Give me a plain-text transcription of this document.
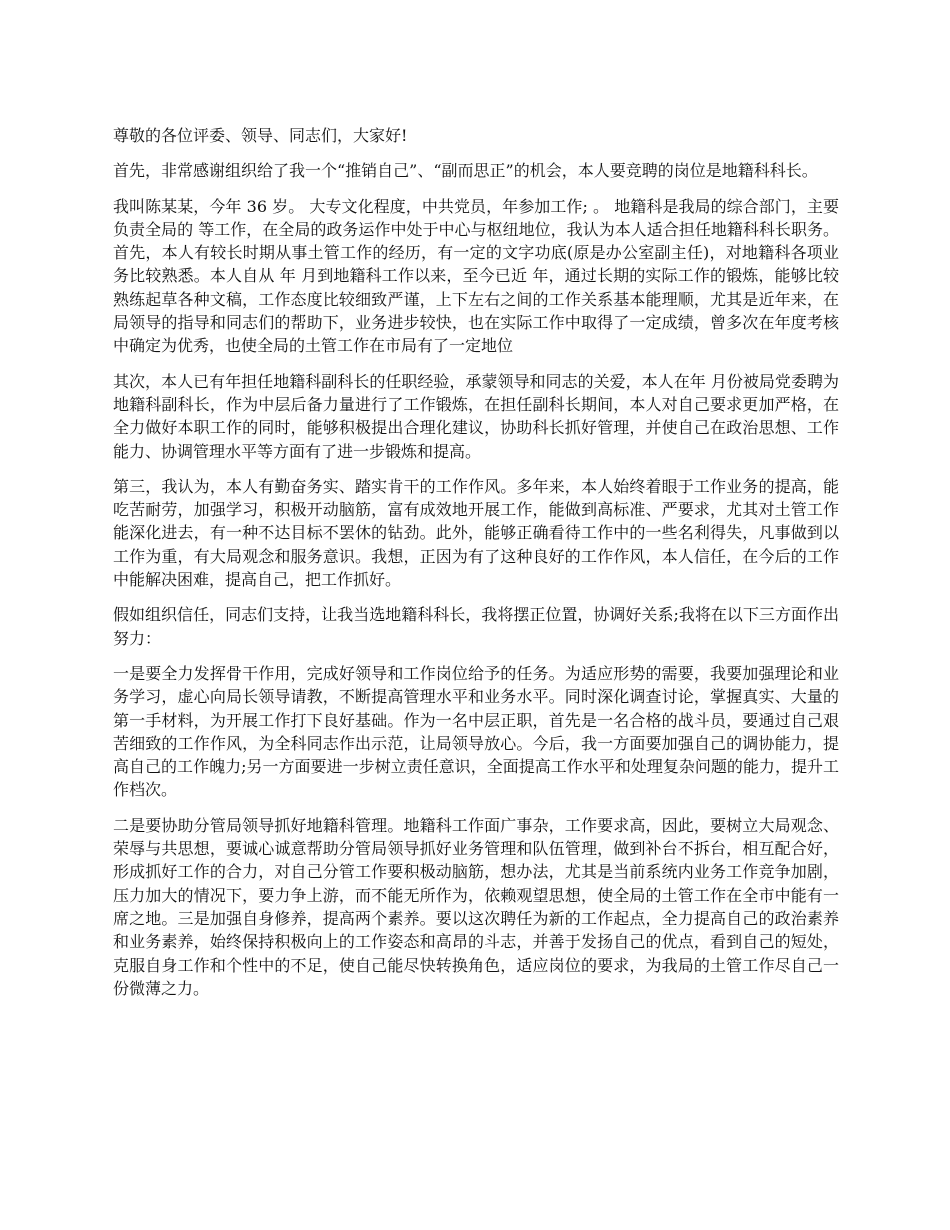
尊敬的各位评委、领导、同志们，大家好!

首先，非常感谢组织给了我一个“推销自己”、“副而思正”的机会，本人要竞聘的岗位是地籍科科长。

我叫陈某某，今年 36 岁。 大专文化程度，中共党员，年参加工作; 。 地籍科是我局的综合部门，主要负责全局的 等工作，在全局的政务运作中处于中心与枢纽地位，我认为本人适合担任地籍科科长职务。 首先，本人有较长时期从事土管工作的经历，有一定的文字功底(原是办公室副主任)，对地籍科各项业务比较熟悉。本人自从 年 月到地籍科工作以来，至今已近 年，通过长期的实际工作的锻炼，能够比较熟练起草各种文稿，工作态度比较细致严谨，上下左右之间的工作关系基本能理顺，尤其是近年来，在局领导的指导和同志们的帮助下，业务进步较快，也在实际工作中取得了一定成绩，曾多次在年度考核中确定为优秀，也使全局的土管工作在市局有了一定地位

其次，本人已有年担任地籍科副科长的任职经验，承蒙领导和同志的关爱，本人在年 月份被局党委聘为地籍科副科长，作为中层后备力量进行了工作锻炼，在担任副科长期间，本人对自己要求更加严格，在全力做好本职工作的同时，能够积极提出合理化建议，协助科长抓好管理，并使自己在政治思想、工作能力、协调管理水平等方面有了进一步锻炼和提高。

第三，我认为，本人有勤奋务实、踏实肯干的工作作风。多年来，本人始终着眼于工作业务的提高，能吃苦耐劳，加强学习，积极开动脑筋，富有成效地开展工作，能做到高标准、严要求，尤其对土管工作能深化进去，有一种不达目标不罢休的钻劲。此外，能够正确看待工作中的一些名利得失，凡事做到以工作为重，有大局观念和服务意识。我想，正因为有了这种良好的工作作风，本人信任，在今后的工作中能解决困难，提高自己，把工作抓好。

假如组织信任，同志们支持，让我当选地籍科科长，我将摆正位置，协调好关系;我将在以下三方面作出努力：

一是要全力发挥骨干作用，完成好领导和工作岗位给予的任务。为适应形势的需要，我要加强理论和业务学习，虚心向局长领导请教，不断提高管理水平和业务水平。同时深化调查讨论，掌握真实、大量的第一手材料，为开展工作打下良好基础。作为一名中层正职，首先是一名合格的战斗员，要通过自己艰苦细致的工作作风，为全科同志作出示范，让局领导放心。今后，我一方面要加强自己的调协能力，提高自己的工作魄力;另一方面要进一步树立责任意识，全面提高工作水平和处理复杂问题的能力，提升工作档次。

二是要协助分管局领导抓好地籍科管理。地籍科工作面广事杂，工作要求高，因此，要树立大局观念、荣辱与共思想，要诚心诚意帮助分管局领导抓好业务管理和队伍管理，做到补台不拆台，相互配合好，形成抓好工作的合力，对自己分管工作要积极动脑筋，想办法，尤其是当前系统内业务工作竞争加剧，压力加大的情况下，要力争上游，而不能无所作为，依赖观望思想，使全局的土管工作在全市中能有一席之地。三是加强自身修养，提高两个素养。要以这次聘任为新的工作起点，全力提高自己的政治素养和业务素养，始终保持积极向上的工作姿态和高昂的斗志，并善于发扬自己的优点，看到自己的短处，克服自身工作和个性中的不足，使自己能尽快转换角色，适应岗位的要求，为我局的土管工作尽自己一份微薄之力。
